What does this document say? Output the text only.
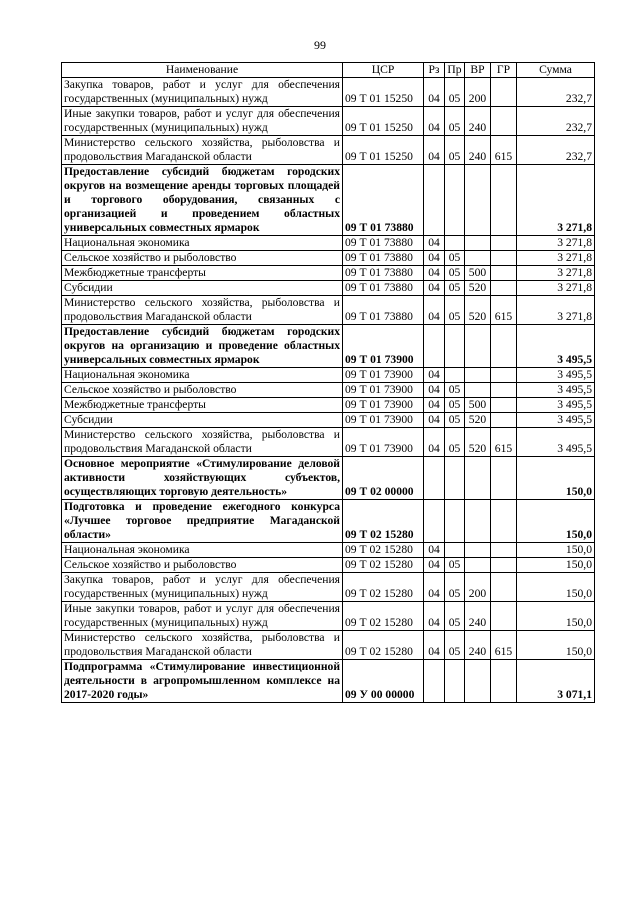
99
Наименование	ЦСР	Рз	Пр	ВР	ГР	Сумма
Закупка товаров, работ и услуг для обеспечения государственных (муниципальных) нужд	09 Т 01 15250	04	05	200		232,7
Иные закупки товаров, работ и услуг для обеспечения государственных (муниципальных) нужд	09 Т 01 15250	04	05	240		232,7
Министерство сельского хозяйства, рыболовства и продовольствия Магаданской области	09 Т 01 15250	04	05	240	615	232,7
Предоставление субсидий бюджетам городских округов на возмещение аренды торговых площадей и торгового оборудования, связанных с организацией и проведением областных универсальных совместных ярмарок	09 Т 01 73880					3 271,8
Национальная экономика	09 Т 01 73880	04				3 271,8
Сельское хозяйство и рыболовство	09 Т 01 73880	04	05			3 271,8
Межбюджетные трансферты	09 Т 01 73880	04	05	500		3 271,8
Субсидии	09 Т 01 73880	04	05	520		3 271,8
Министерство сельского хозяйства, рыболовства и продовольствия Магаданской области	09 Т 01 73880	04	05	520	615	3 271,8
Предоставление субсидий бюджетам городских округов на организацию и проведение областных универсальных совместных ярмарок	09 Т 01 73900					3 495,5
Национальная экономика	09 Т 01 73900	04				3 495,5
Сельское хозяйство и рыболовство	09 Т 01 73900	04	05			3 495,5
Межбюджетные трансферты	09 Т 01 73900	04	05	500		3 495,5
Субсидии	09 Т 01 73900	04	05	520		3 495,5
Министерство сельского хозяйства, рыболовства и продовольствия Магаданской области	09 Т 01 73900	04	05	520	615	3 495,5
Основное мероприятие «Стимулирование деловой активности хозяйствующих субъектов, осуществляющих торговую деятельность»	09 Т 02 00000					150,0
Подготовка и проведение ежегодного конкурса «Лучшее торговое предприятие Магаданской области»	09 Т 02 15280					150,0
Национальная экономика	09 Т 02 15280	04				150,0
Сельское хозяйство и рыболовство	09 Т 02 15280	04	05			150,0
Закупка товаров, работ и услуг для обеспечения государственных (муниципальных) нужд	09 Т 02 15280	04	05	200		150,0
Иные закупки товаров, работ и услуг для обеспечения государственных (муниципальных) нужд	09 Т 02 15280	04	05	240		150,0
Министерство сельского хозяйства, рыболовства и продовольствия Магаданской области	09 Т 02 15280	04	05	240	615	150,0
Подпрограмма «Стимулирование инвестиционной деятельности в агропромышленном комплексе на 2017-2020 годы»	09 У 00 00000					3 071,1
